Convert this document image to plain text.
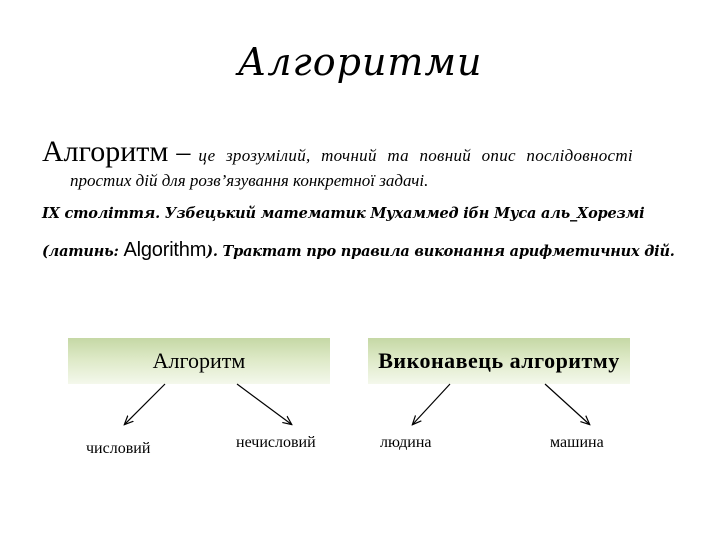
Алгоритми
Алгоритм – це зрозумілий, точний та повний опис послідовності
простих дій для розв’язування конкретної задачі.
IX століття. Узбецький математик Мухаммед ібн Муса аль_Хорезмі
(латинь: Algorithm). Трактат про правила виконання арифметичних дій.
Алгоритм	Виконавець алгоритму
числовий	нечисловий	людина	машина
